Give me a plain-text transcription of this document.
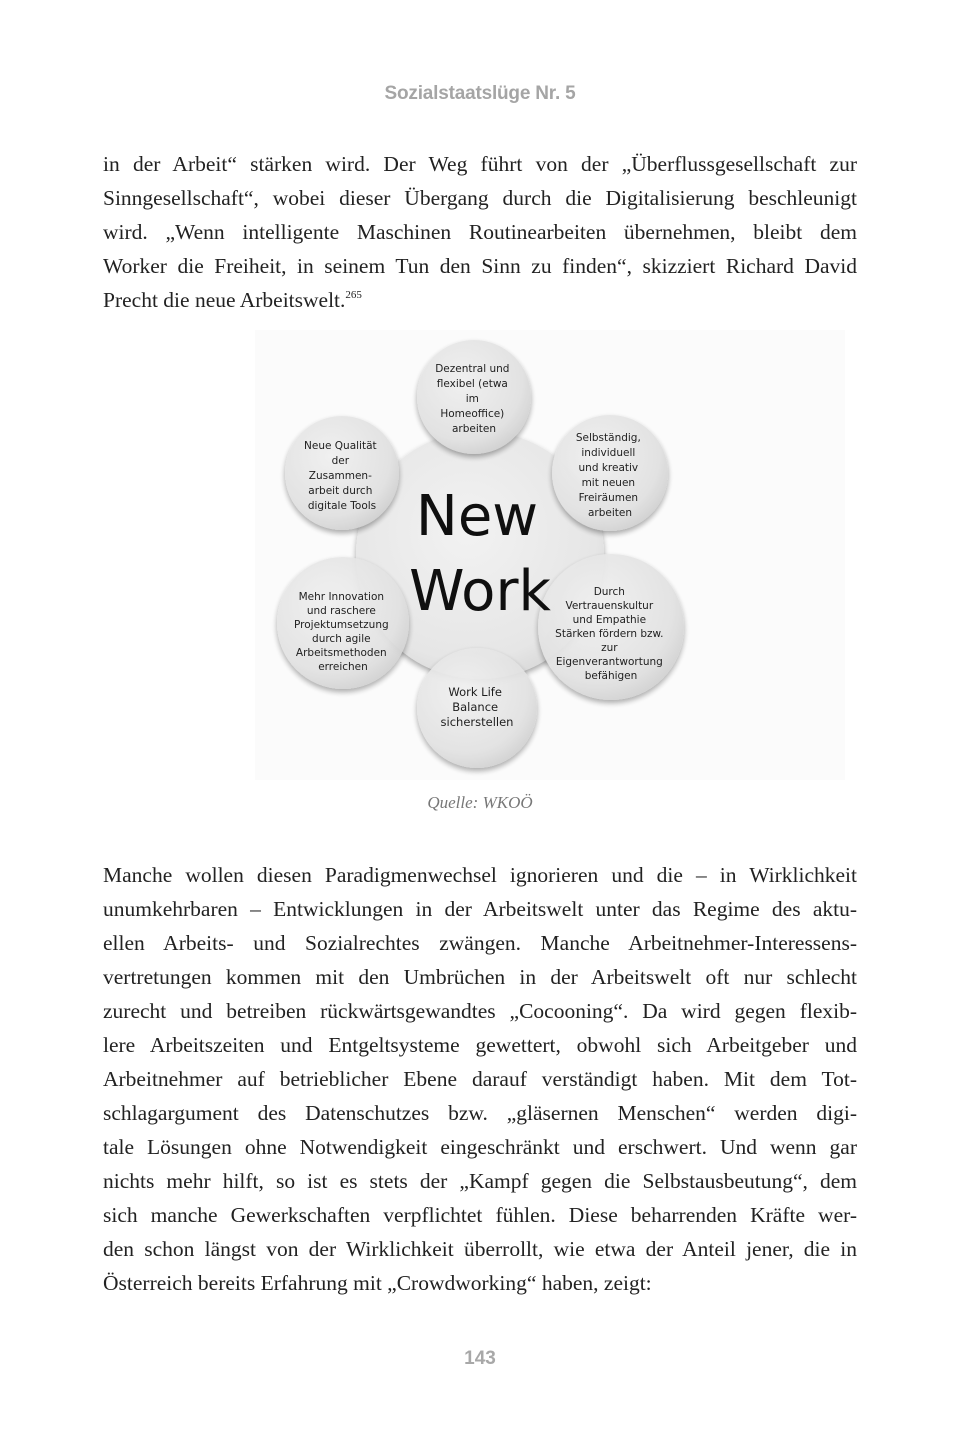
Sozialstaatslüge Nr. 5

in der Arbeit“ stärken wird. Der Weg führt von der „Überflussgesellschaft zur
Sinngesellschaft“, wobei dieser Übergang durch die Digitalisierung beschleunigt
wird. „Wenn intelligente Maschinen Routinearbeiten übernehmen, bleibt dem
Worker die Freiheit, in seinem Tun den Sinn zu finden“, skizziert Richard David
Precht die neue Arbeitswelt.$^{265}$

Dezentral und flexibel (etwa im Homeoffice) arbeiten
Selbständig, individuell und kreativ mit neuen Freiräumen arbeiten
Neue Qualität der Zusammen- arbeit durch digitale Tools
Mehr Innovation und raschere Projektumsetzung durch agile Arbeitsmethoden erreichen
Durch Vertrauenskultur und Empathie Stärken fördern bzw. zur Eigenverantwortung befähigen
Work Life Balance sicherstellen
New
Work
Quelle: WKOÖ

Manche wollen diesen Paradigmenwechsel ignorieren und die – in Wirklichkeit
unumkehrbaren – Entwicklungen in der Arbeitswelt unter das Regime des aktu-
ellen Arbeits- und Sozialrechtes zwängen. Manche Arbeitnehmer-Interessens-
vertretungen kommen mit den Umbrüchen in der Arbeitswelt oft nur schlecht
zurecht und betreiben rückwärtsgewandtes „Cocooning“. Da wird gegen flexib-
lere Arbeitszeiten und Entgeltsysteme gewettert, obwohl sich Arbeitgeber und
Arbeitnehmer auf betrieblicher Ebene darauf verständigt haben. Mit dem Tot-
schlagargument des Datenschutzes bzw. „gläsernen Menschen“ werden digi-
tale Lösungen ohne Notwendigkeit eingeschränkt und erschwert. Und wenn gar
nichts mehr hilft, so ist es stets der „Kampf gegen die Selbstausbeutung“, dem
sich manche Gewerkschaften verpflichtet fühlen. Diese beharrenden Kräfte wer-
den schon längst von der Wirklichkeit überrollt, wie etwa der Anteil jener, die in
Österreich bereits Erfahrung mit „Crowdworking“ haben, zeigt:

143
